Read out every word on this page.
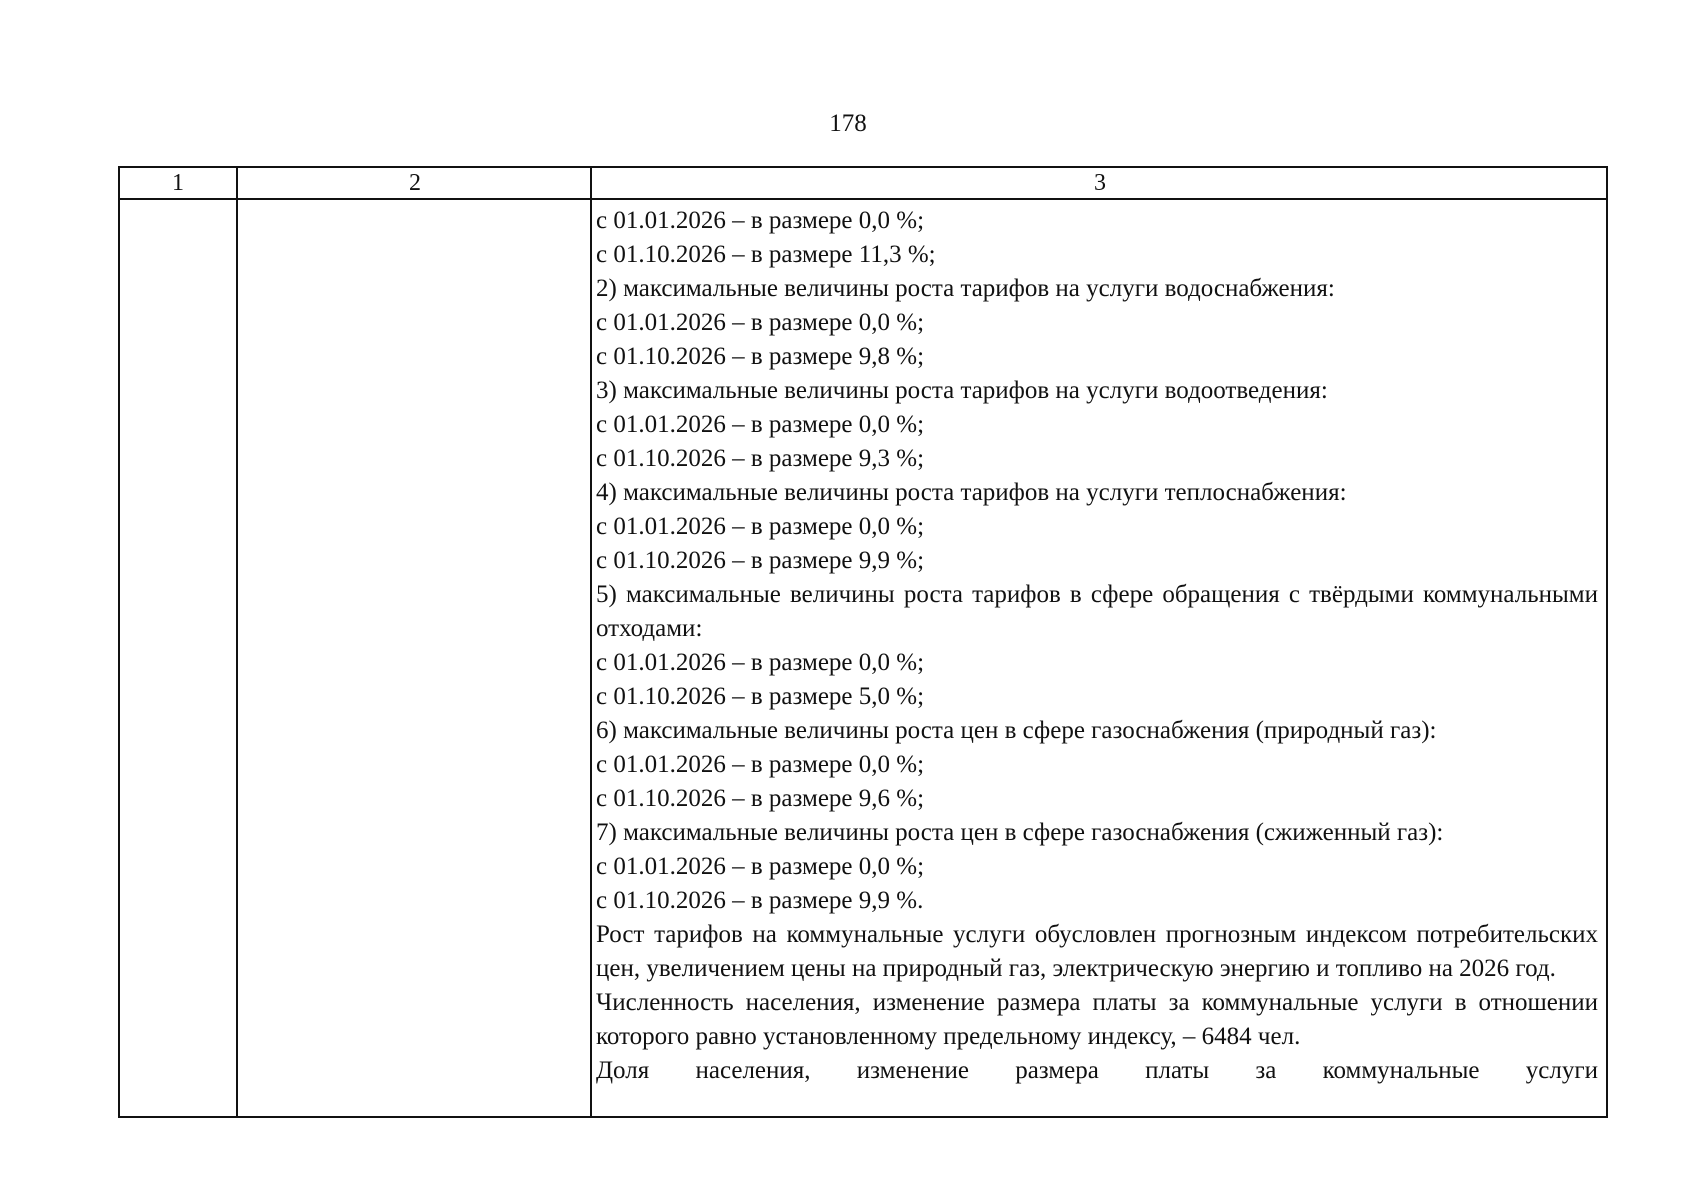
178
1	2	3
с 01.01.2026 – в размере 0,0 %;
с 01.10.2026 – в размере 11,3 %;
2) максимальные величины роста тарифов на услуги водоснабжения:
с 01.01.2026 – в размере 0,0 %;
с 01.10.2026 – в размере 9,8 %;
3) максимальные величины роста тарифов на услуги водоотведения:
с 01.01.2026 – в размере 0,0 %;
с 01.10.2026 – в размере 9,3 %;
4) максимальные величины роста тарифов на услуги теплоснабжения:
с 01.01.2026 – в размере 0,0 %;
с 01.10.2026 – в размере 9,9 %;
5) максимальные величины роста тарифов в сфере обращения с твёрдыми коммунальными отходами:
с 01.01.2026 – в размере 0,0 %;
с 01.10.2026 – в размере 5,0 %;
6) максимальные величины роста цен в сфере газоснабжения (природный газ):
с 01.01.2026 – в размере 0,0 %;
с 01.10.2026 – в размере 9,6 %;
7) максимальные величины роста цен в сфере газоснабжения (сжиженный газ):
с 01.01.2026 – в размере 0,0 %;
с 01.10.2026 – в размере 9,9 %.
Рост тарифов на коммунальные услуги обусловлен прогнозным индексом потребительских цен, увеличением цены на природный газ, электрическую энергию и топливо на 2026 год.
Численность населения, изменение размера платы за коммунальные услуги в отношении которого равно установленному предельному индексу, – 6484 чел.
Доля населения, изменение размера платы за коммунальные услуги
